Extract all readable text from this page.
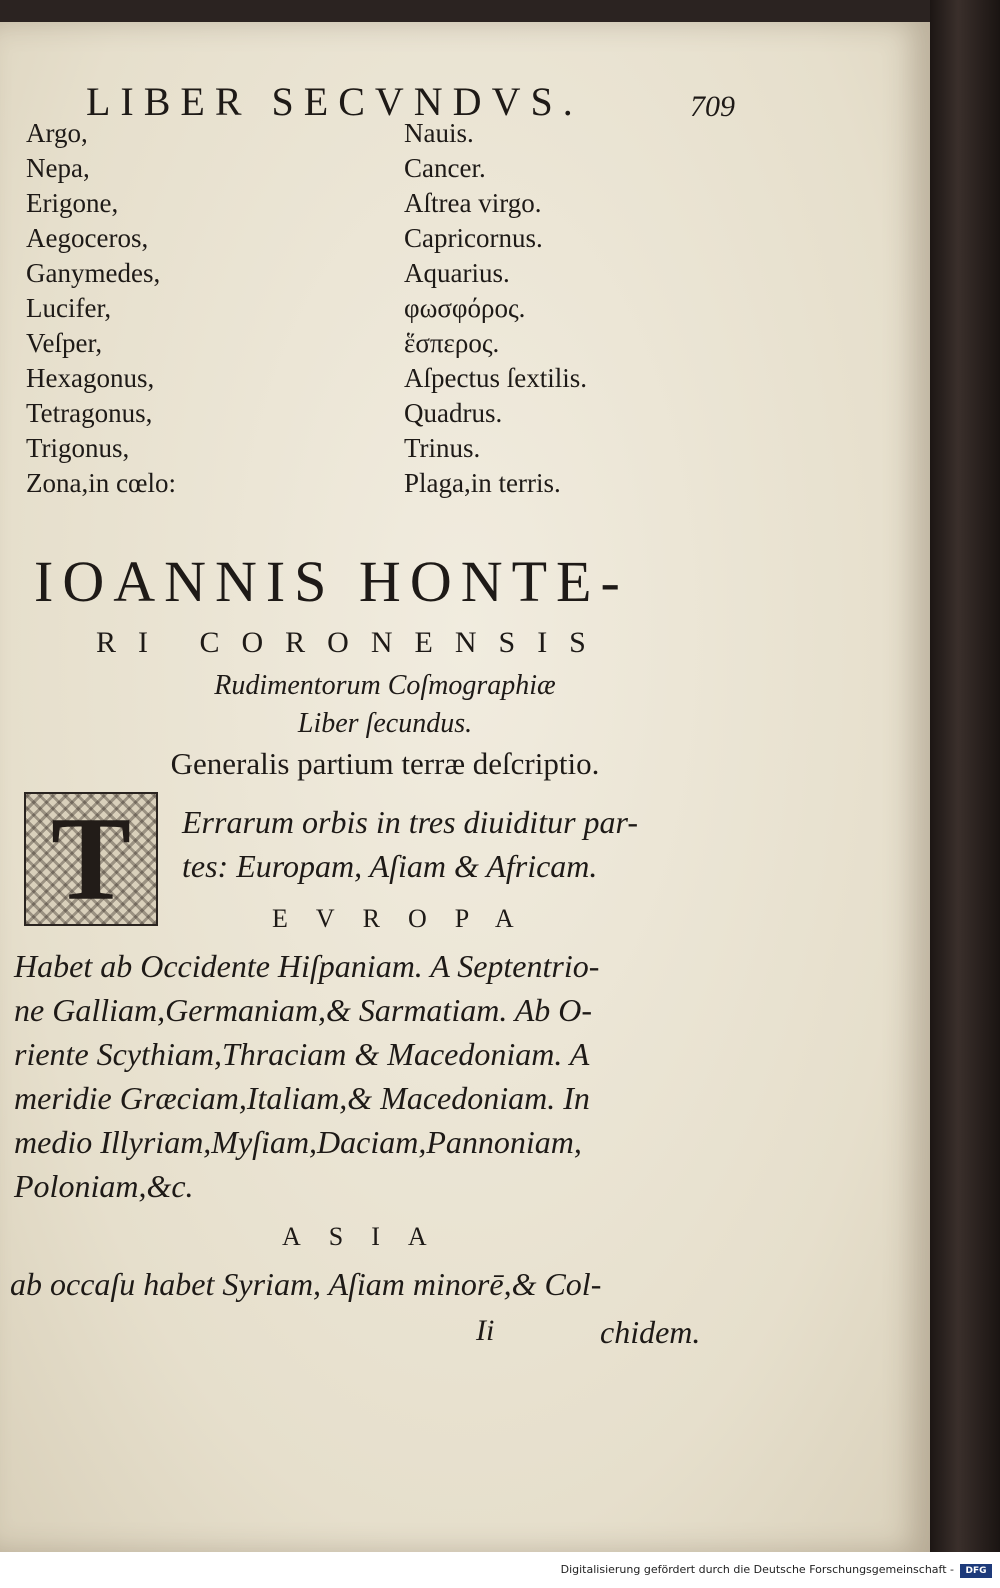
LIBER SECVNDVS.	709
Argo,	Nauis.
Nepa,	Cancer.
Erigone,	Aſtrea virgo.
Aegoceros,	Capricornus.
Ganymedes,	Aquarius.
Lucifer,	φωσφόρος.
Veſper,	ἕσπερος.
Hexagonus,	Aſpectus ſextilis.
Tetragonus,	Quadrus.
Trigonus,	Trinus.
Zona,in cœlo:	Plaga,in terris.
IOANNIS HONTE-
RI CORONENSIS
Rudimentorum Coſmographiæ
Liber ſecundus.
Generalis partium terræ deſcriptio.
T	Errarum orbis in tres diuiditur par-
tes: Europam, Aſiam & Africam.
EVROPA
Habet ab Occidente Hiſpaniam. A Septentrio-
ne Galliam,Germaniam,& Sarmatiam. Ab O-
riente Scythiam,Thraciam & Macedoniam. A
meridie Græciam,Italiam,& Macedoniam. In
medio Illyriam,Myſiam,Daciam,Pannoniam,
Poloniam,&c.
ASIA
ab occaſu habet Syriam, Aſiam minorē,& Col-
Ii	chidem.
Digitalisierung gefördert durch die Deutsche Forschungsgemeinschaft -	DFG
